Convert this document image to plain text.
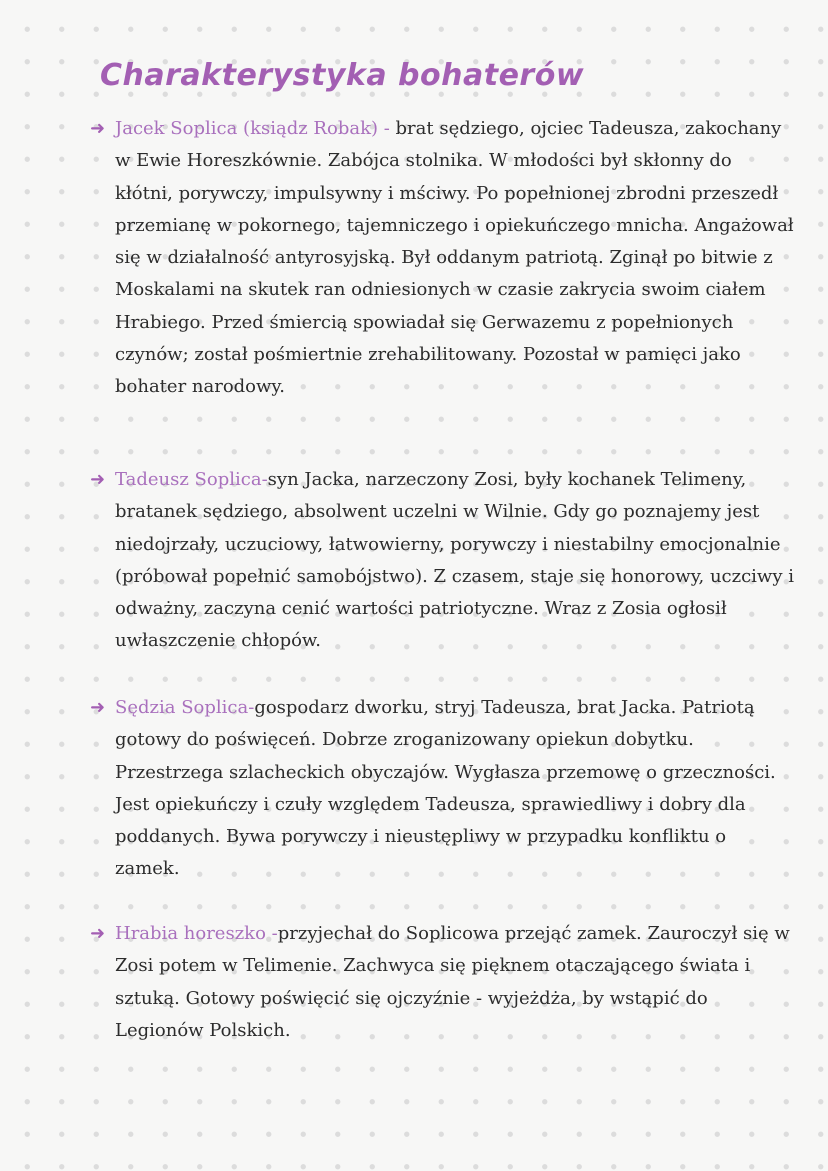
Charakterystyka bohaterów

➜ Jacek Soplica (ksiądz Robak) - brat sędziego, ojciec Tadeusza, zakochany w Ewie Horeszkównie. Zabójca stolnika. W młodości był skłonny do kłótni, porywczy, impulsywny i mściwy. Po popełnionej zbrodni przeszedł przemianę w pokornego, tajemniczego i opiekuńczego mnicha. Angażował się w działalność antyrosyjską. Był oddanym patriotą. Zginął po bitwie z Moskalami na skutek ran odniesionych w czasie zakrycia swoim ciałem Hrabiego. Przed śmiercią spowiadał się Gerwazemu z popełnionych czynów; został pośmiertnie zrehabilitowany. Pozostał w pamięci jako bohater narodowy.

➜ Tadeusz Soplica-syn Jacka, narzeczony Zosi, były kochanek Telimeny, bratanek sędziego, absolwent uczelni w Wilnie. Gdy go poznajemy jest niedojrzały, uczuciowy, łatwowierny, porywczy i niestabilny emocjonalnie (próbował popełnić samobójstwo). Z czasem, staje się honorowy, uczciwy i odważny, zaczyna cenić wartości patriotyczne. Wraz z Zosia ogłosił uwłaszczenie chłopów.

➜ Sędzia Soplica-gospodarz dworku, stryj Tadeusza, brat Jacka. Patriotą gotowy do poświęceń. Dobrze zroganizowany opiekun dobytku. Przestrzega szlacheckich obyczajów. Wygłasza przemowę o grzeczności. Jest opiekuńczy i czuły względem Tadeusza, sprawiedliwy i dobry dla poddanych. Bywa porywczy i nieustępliwy w przypadku konfliktu o zamek.

➜ Hrabia horeszko -przyjechał do Soplicowa przejąć zamek. Zauroczył się w Zosi potem w Telimenie. Zachwyca się pięknem otaczającego świata i sztuką. Gotowy poświęcić się ojczyźnie - wyjeżdża, by wstąpić do Legionów Polskich.
